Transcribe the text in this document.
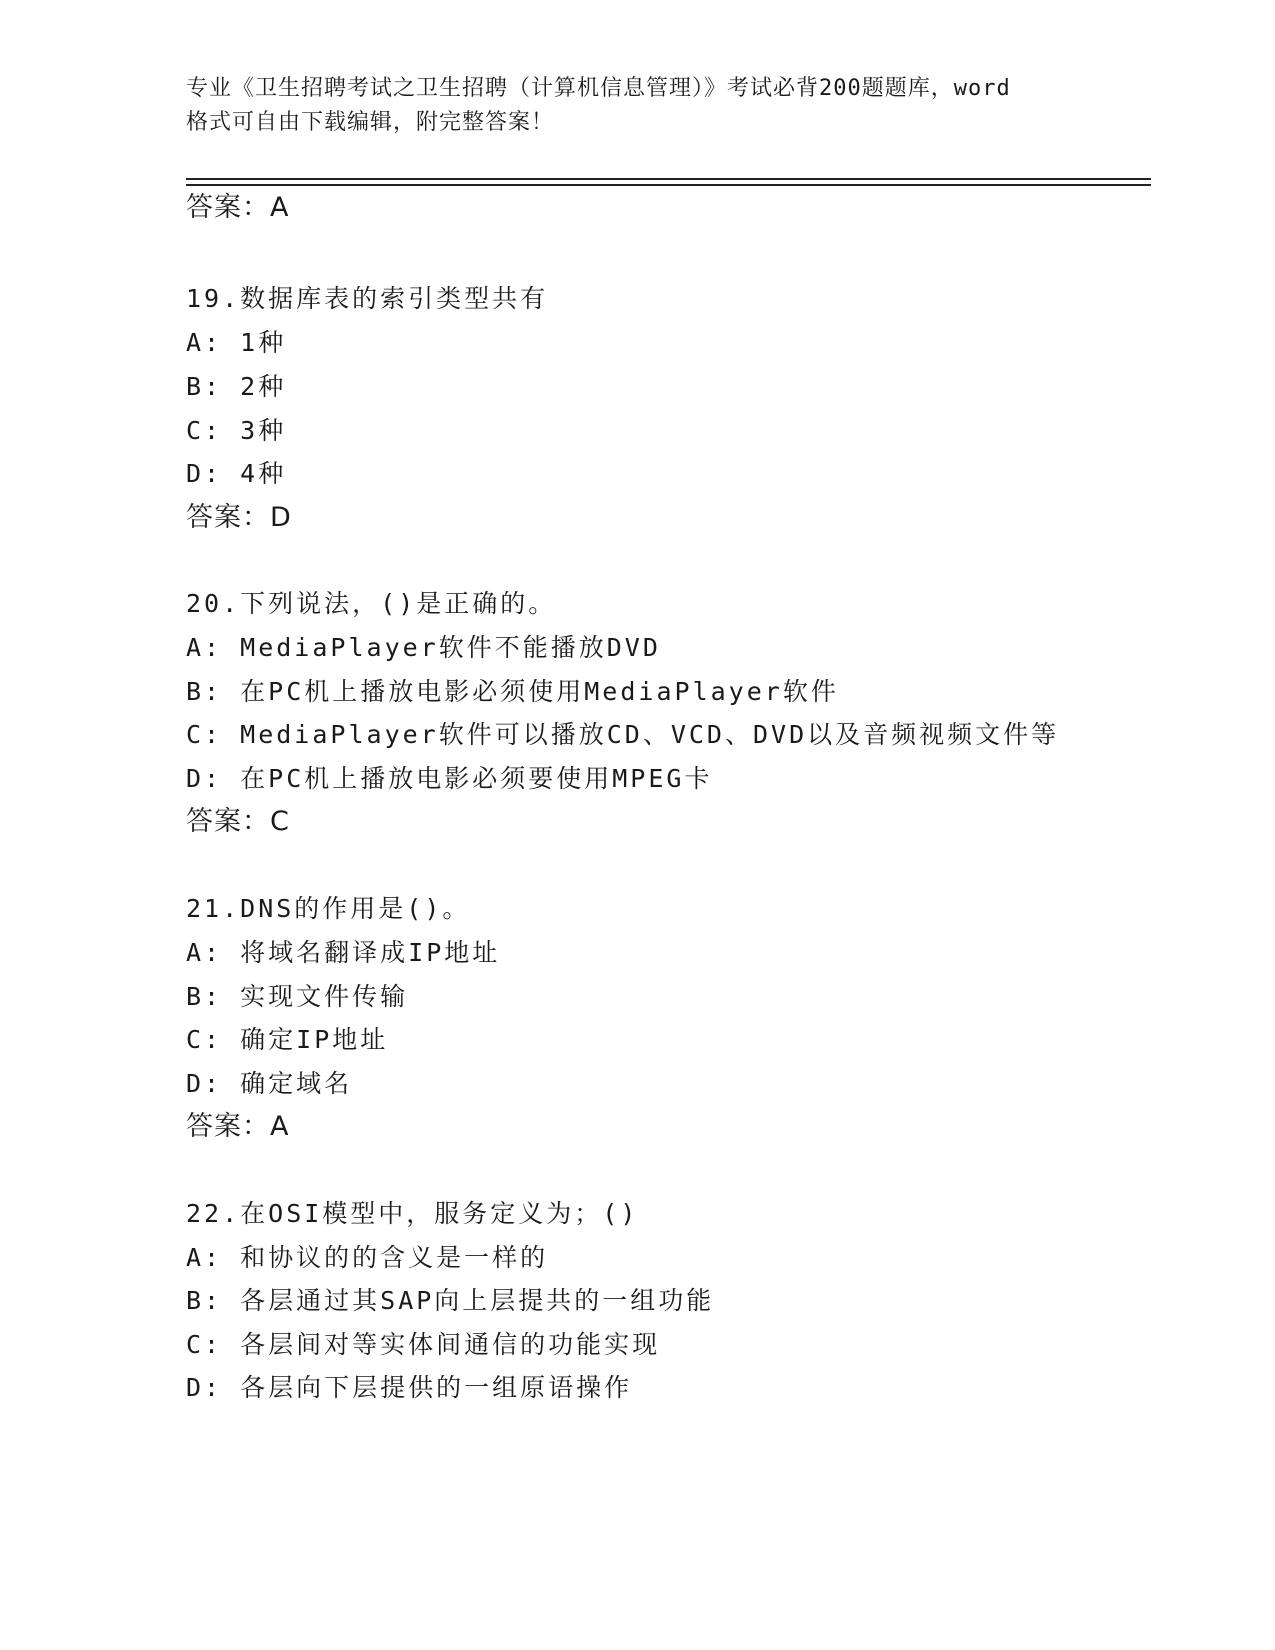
专业《卫生招聘考试之卫生招聘（计算机信息管理）》考试必背200题题库，word
格式可自由下载编辑，附完整答案！
答案：A
19.数据库表的索引类型共有
A: 1种
B: 2种
C: 3种
D: 4种
答案：D
20.下列说法，()是正确的。
A: MediaPlayer软件不能播放DVD
B: 在PC机上播放电影必须使用MediaPlayer软件
C: MediaPlayer软件可以播放CD、VCD、DVD以及音频视频文件等
D: 在PC机上播放电影必须要使用MPEG卡
答案：C
21.DNS的作用是()。
A: 将域名翻译成IP地址
B: 实现文件传输
C: 确定IP地址
D: 确定域名
答案：A
22.在OSI模型中，服务定义为；()
A: 和协议的的含义是一样的
B: 各层通过其SAP向上层提共的一组功能
C: 各层间对等实体间通信的功能实现
D: 各层向下层提供的一组原语操作
